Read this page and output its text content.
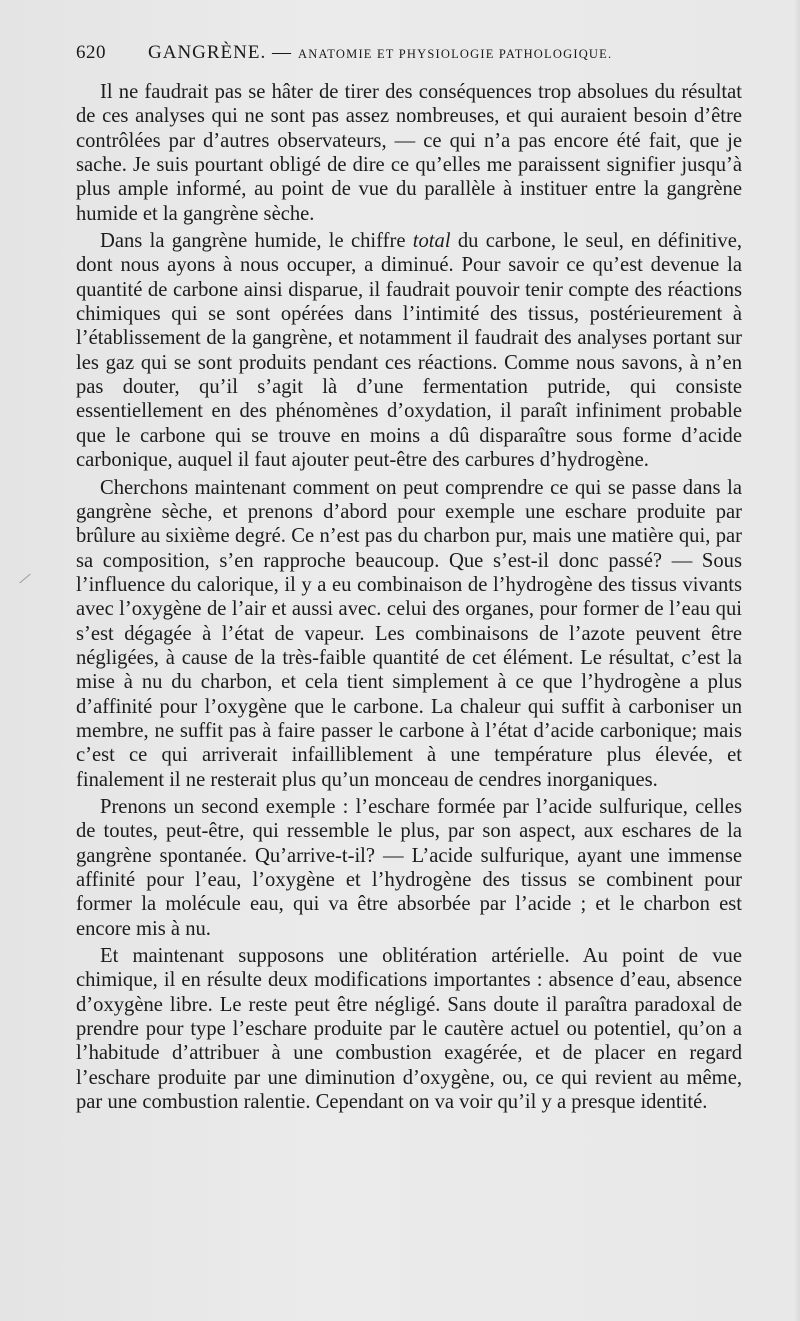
620 GANGRÈNE. — ANATOMIE ET PHYSIOLOGIE PATHOLOGIQUE.

Il ne faudrait pas se hâter de tirer des conséquences trop absolues du résultat de ces analyses qui ne sont pas assez nombreuses, et qui auraient besoin d’être contrôlées par d’autres observateurs, — ce qui n’a pas encore été fait, que je sache. Je suis pourtant obligé de dire ce qu’elles me paraissent signifier jusqu’à plus ample informé, au point de vue du parallèle à instituer entre la gangrène humide et la gangrène sèche.

Dans la gangrène humide, le chiffre total du carbone, le seul, en définitive, dont nous ayons à nous occuper, a diminué. Pour savoir ce qu’est devenue la quantité de carbone ainsi disparue, il faudrait pouvoir tenir compte des réactions chimiques qui se sont opérées dans l’intimité des tissus, postérieurement à l’établissement de la gangrène, et notamment il faudrait des analyses portant sur les gaz qui se sont produits pendant ces réactions. Comme nous savons, à n’en pas douter, qu’il s’agit là d’une fermentation putride, qui consiste essentiellement en des phénomènes d’oxydation, il paraît infiniment probable que le carbone qui se trouve en moins a dû disparaître sous forme d’acide carbonique, auquel il faut ajouter peut-être des carbures d’hydrogène.

Cherchons maintenant comment on peut comprendre ce qui se passe dans la gangrène sèche, et prenons d’abord pour exemple une eschare produite par brûlure au sixième degré. Ce n’est pas du charbon pur, mais une matière qui, par sa composition, s’en rapproche beaucoup. Que s’est-il donc passé? — Sous l’influence du calorique, il y a eu combinaison de l’hydrogène des tissus vivants avec l’oxygène de l’air et aussi avec. celui des organes, pour former de l’eau qui s’est dégagée à l’état de vapeur. Les combinaisons de l’azote peuvent être négligées, à cause de la très-faible quantité de cet élément. Le résultat, c’est la mise à nu du charbon, et cela tient simplement à ce que l’hydrogène a plus d’affinité pour l’oxygène que le carbone. La chaleur qui suffit à carboniser un membre, ne suffit pas à faire passer le carbone à l’état d’acide carbonique; mais c’est ce qui arriverait infailliblement à une température plus élevée, et finalement il ne resterait plus qu’un monceau de cendres inorganiques.

Prenons un second exemple : l’eschare formée par l’acide sulfurique, celles de toutes, peut-être, qui ressemble le plus, par son aspect, aux eschares de la gangrène spontanée. Qu’arrive-t-il? — L’acide sulfurique, ayant une immense affinité pour l’eau, l’oxygène et l’hydrogène des tissus se combinent pour former la molécule eau, qui va être absorbée par l’acide ; et le charbon est encore mis à nu.

Et maintenant supposons une oblitération artérielle. Au point de vue chimique, il en résulte deux modifications importantes : absence d’eau, absence d’oxygène libre. Le reste peut être négligé. Sans doute il paraîtra paradoxal de prendre pour type l’eschare produite par le cautère actuel ou potentiel, qu’on a l’habitude d’attribuer à une combustion exagérée, et de placer en regard l’eschare produite par une diminution d’oxygène, ou, ce qui revient au même, par une combustion ralentie. Cependant on va voir qu’il y a presque identité.
